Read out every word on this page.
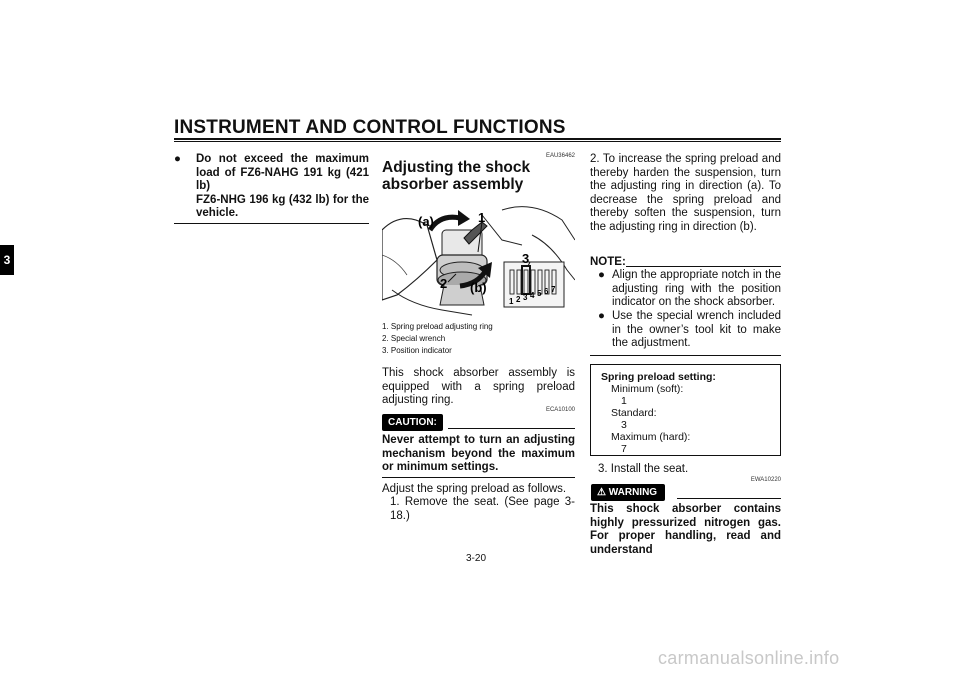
INSTRUMENT AND CONTROL FUNCTIONS
3
● Do not exceed the maximum load of FZ6-NAHG 191 kg (421 lb)
FZ6-NHG 196 kg (432 lb) for the vehicle.
EAU36462
Adjusting the shock absorber assembly
(a)	1
2 (b)
3
1 2 3 4 5 6 7
1. Spring preload adjusting ring
2. Special wrench
3. Position indicator
This shock absorber assembly is equipped with a spring preload adjusting ring.
ECA10100
CAUTION:
Never attempt to turn an adjusting mechanism beyond the maximum or minimum settings.
Adjust the spring preload as follows.
1. Remove the seat. (See page 3-18.)
2. To increase the spring preload and thereby harden the suspension, turn the adjusting ring in direction (a). To decrease the spring preload and thereby soften the suspension, turn the adjusting ring in direction (b).
NOTE:
● Align the appropriate notch in the adjusting ring with the position indicator on the shock absorber.
● Use the special wrench included in the owner’s tool kit to make the adjustment.
Spring preload setting:
Minimum (soft):
1
Standard:
3
Maximum (hard):
7
3. Install the seat.
EWA10220
⚠ WARNING
This shock absorber contains highly pressurized nitrogen gas. For proper handling, read and understand
3-20
carmanualsonline.info
